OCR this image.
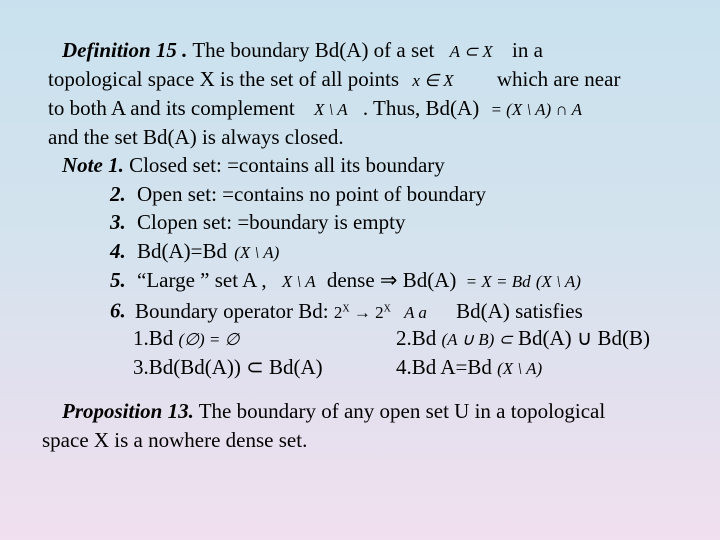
Definition 15 . The boundary Bd(A) of a set A ⊂ X in a
topological space X is the set of all points x ∈ X which are near
to both A and its complement X \ A . Thus, Bd(A) = (X \ A) ∩ A
and the set Bd(A) is always closed.
Note 1. Closed set: =contains all its boundary
2. Open set: =contains no point of boundary
3. Clopen set: =boundary is empty
4. Bd(A)=Bd (X \ A)
5. “Large ” set A , X \ A dense ⇒ Bd(A) = X = Bd (X \ A)
6. Boundary operator Bd: $2^X \to 2^X$ A a Bd(A) satisfies
1.Bd (∅) = ∅	2.Bd (A ∪ B) ⊂ Bd(A) ∪ Bd(B)
3.Bd(Bd(A)) ⊂ Bd(A)	4.Bd A=Bd (X \ A)
Proposition 13. The boundary of any open set U in a topological
space X is a nowhere dense set.
